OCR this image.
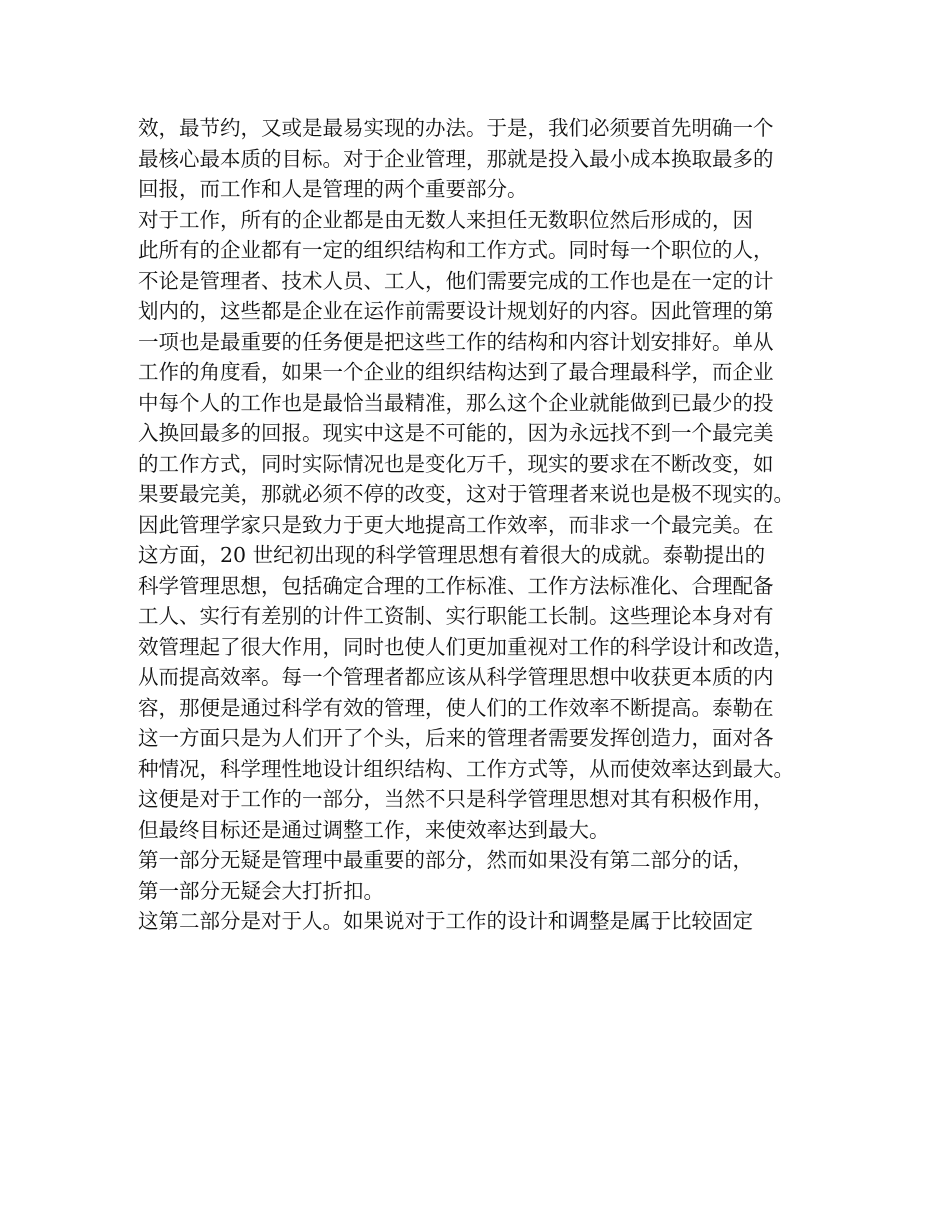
效，最节约，又或是最易实现的办法。于是，我们必须要首先明确一个
最核心最本质的目标。对于企业管理，那就是投入最小成本换取最多的
回报，而工作和人是管理的两个重要部分。
对于工作，所有的企业都是由无数人来担任无数职位然后形成的，因
此所有的企业都有一定的组织结构和工作方式。同时每一个职位的人，
不论是管理者、技术人员、工人，他们需要完成的工作也是在一定的计
划内的，这些都是企业在运作前需要设计规划好的内容。因此管理的第
一项也是最重要的任务便是把这些工作的结构和内容计划安排好。单从
工作的角度看，如果一个企业的组织结构达到了最合理最科学，而企业
中每个人的工作也是最恰当最精准，那么这个企业就能做到已最少的投
入换回最多的回报。现实中这是不可能的，因为永远找不到一个最完美
的工作方式，同时实际情况也是变化万千，现实的要求在不断改变，如
果要最完美，那就必须不停的改变，这对于管理者来说也是极不现实的。
因此管理学家只是致力于更大地提高工作效率，而非求一个最完美。在
这方面，20 世纪初出现的科学管理思想有着很大的成就。泰勒提出的
科学管理思想，包括确定合理的工作标准、工作方法标准化、合理配备
工人、实行有差别的计件工资制、实行职能工长制。这些理论本身对有
效管理起了很大作用，同时也使人们更加重视对工作的科学设计和改造，
从而提高效率。每一个管理者都应该从科学管理思想中收获更本质的内
容，那便是通过科学有效的管理，使人们的工作效率不断提高。泰勒在
这一方面只是为人们开了个头，后来的管理者需要发挥创造力，面对各
种情况，科学理性地设计组织结构、工作方式等，从而使效率达到最大。
这便是对于工作的一部分，当然不只是科学管理思想对其有积极作用，
但最终目标还是通过调整工作，来使效率达到最大。
第一部分无疑是管理中最重要的部分，然而如果没有第二部分的话，
第一部分无疑会大打折扣。
这第二部分是对于人。如果说对于工作的设计和调整是属于比较固定
